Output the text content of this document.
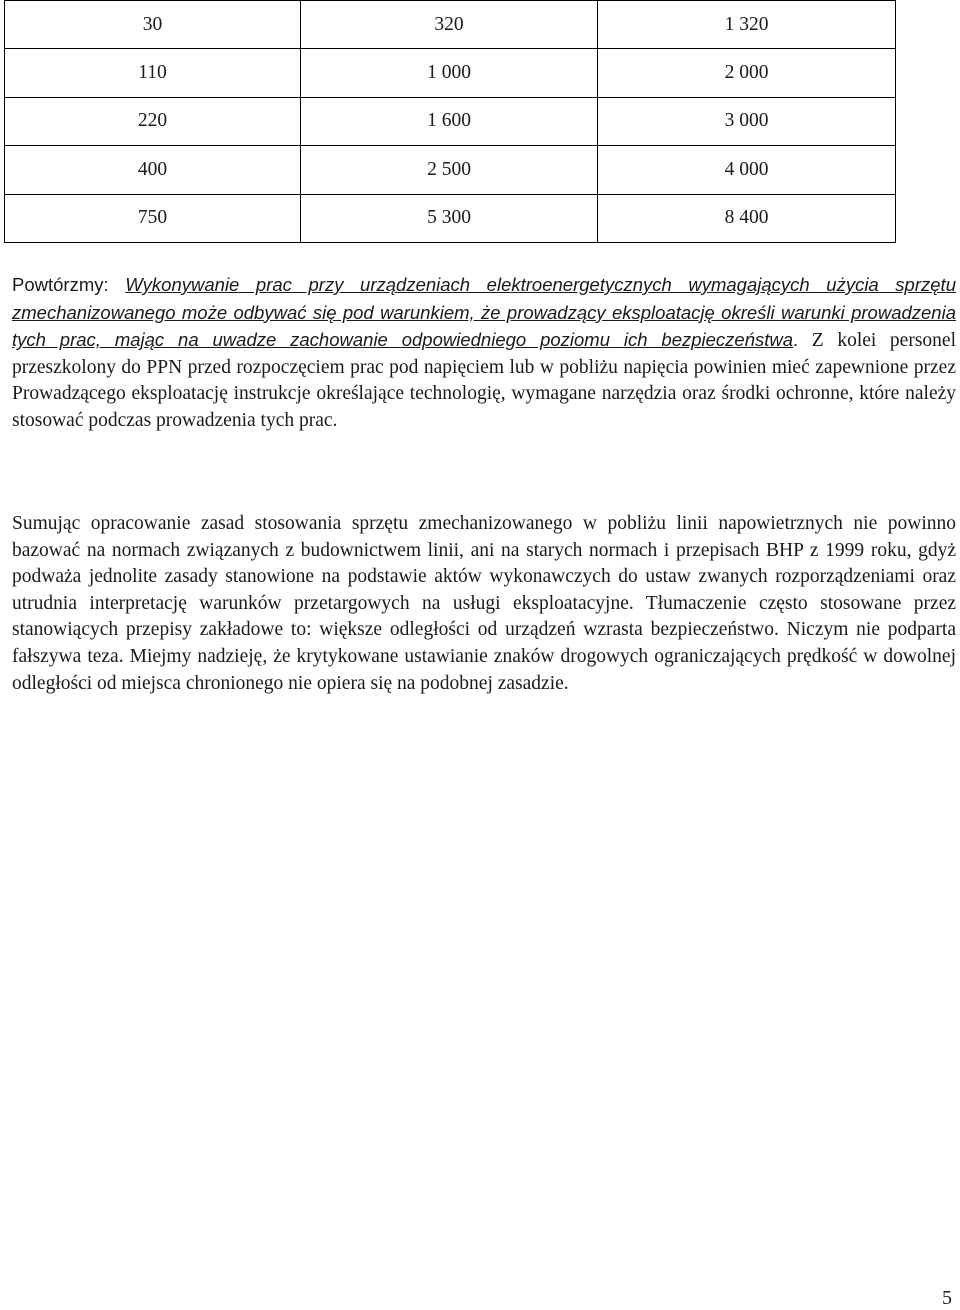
30	320	1 320
110	1 000	2 000
220	1 600	3 000
400	2 500	4 000
750	5 300	8 400

Powtórzmy: Wykonywanie prac przy urządzeniach elektroenergetycznych wymagających użycia sprzętu zmechanizowanego może odbywać się pod warunkiem, że prowadzący eksploatację określi warunki prowadzenia tych prac, mając na uwadze zachowanie odpowiedniego poziomu ich bezpieczeństwa. Z kolei personel przeszkolony do PPN przed rozpoczęciem prac pod napięciem lub w pobliżu napięcia powinien mieć zapewnione przez Prowadzącego eksploatację instrukcje określające technologię, wymagane narzędzia oraz środki ochronne, które należy stosować podczas prowadzenia tych prac.

Sumując opracowanie zasad stosowania sprzętu zmechanizowanego w pobliżu linii napowietrznych nie powinno bazować na normach związanych z budownictwem linii, ani na starych normach i przepisach BHP z 1999 roku, gdyż podważa jednolite zasady stanowione na podstawie aktów wykonawczych do ustaw zwanych rozporządzeniami oraz utrudnia interpretację warunków przetargowych na usługi eksploatacyjne. Tłumaczenie często stosowane przez stanowiących przepisy zakładowe to: większe odległości od urządzeń wzrasta bezpieczeństwo. Niczym nie podparta fałszywa teza. Miejmy nadzieję, że krytykowane ustawianie znaków drogowych ograniczających prędkość w dowolnej odległości od miejsca chronionego nie opiera się na podobnej zasadzie.

5
